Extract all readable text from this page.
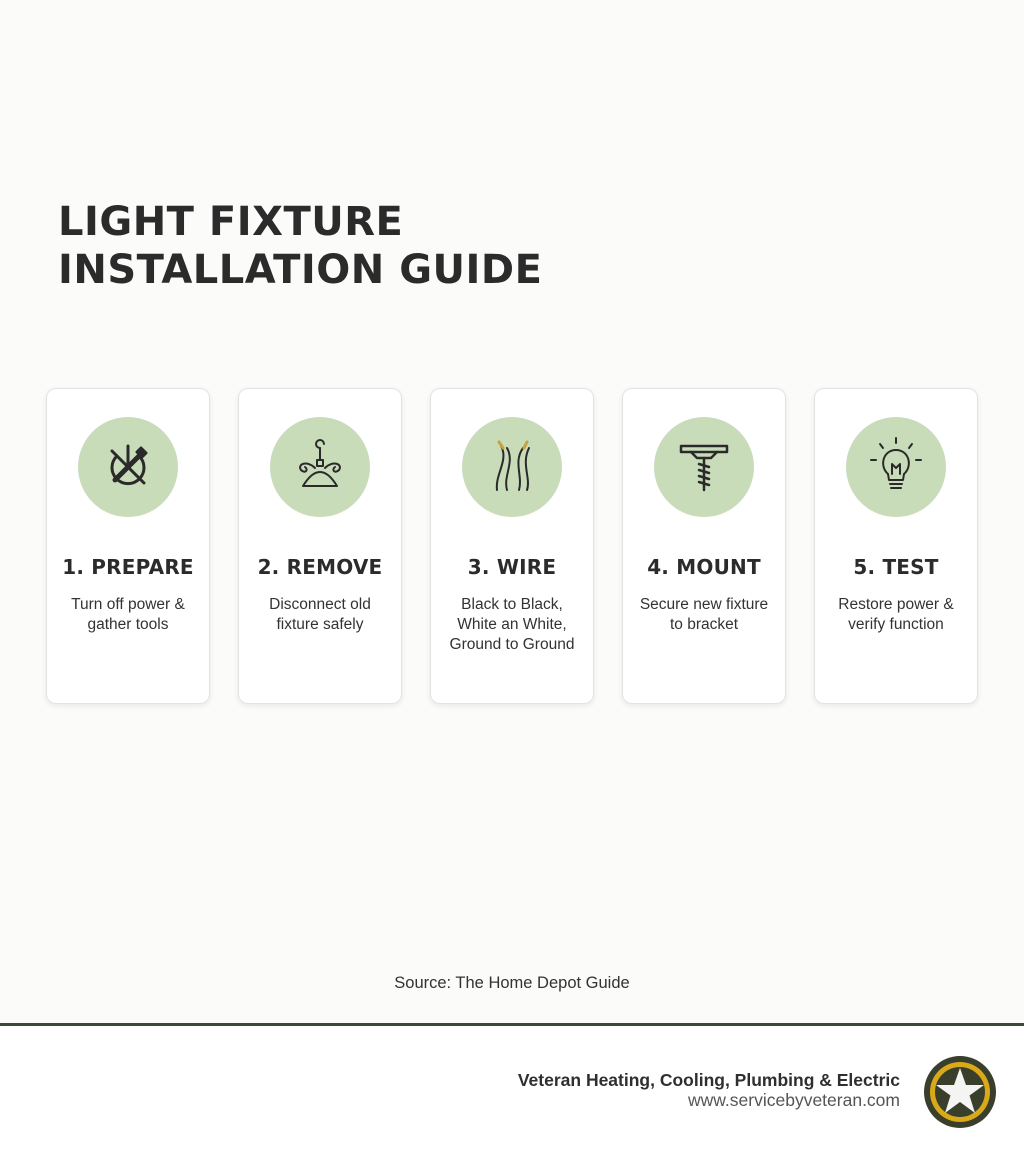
LIGHT FIXTURE
INSTALLATION GUIDE
1. PREPARE
Turn off power &
gather tools
2. REMOVE
Disconnect old
fixture safely
3. WIRE
Black to Black,
White an White,
Ground to Ground
4. MOUNT
Secure new fixture
to bracket
5. TEST
Restore power &
verify function
Source: The Home Depot Guide
Veteran Heating, Cooling, Plumbing & Electric
www.servicebyveteran.com
